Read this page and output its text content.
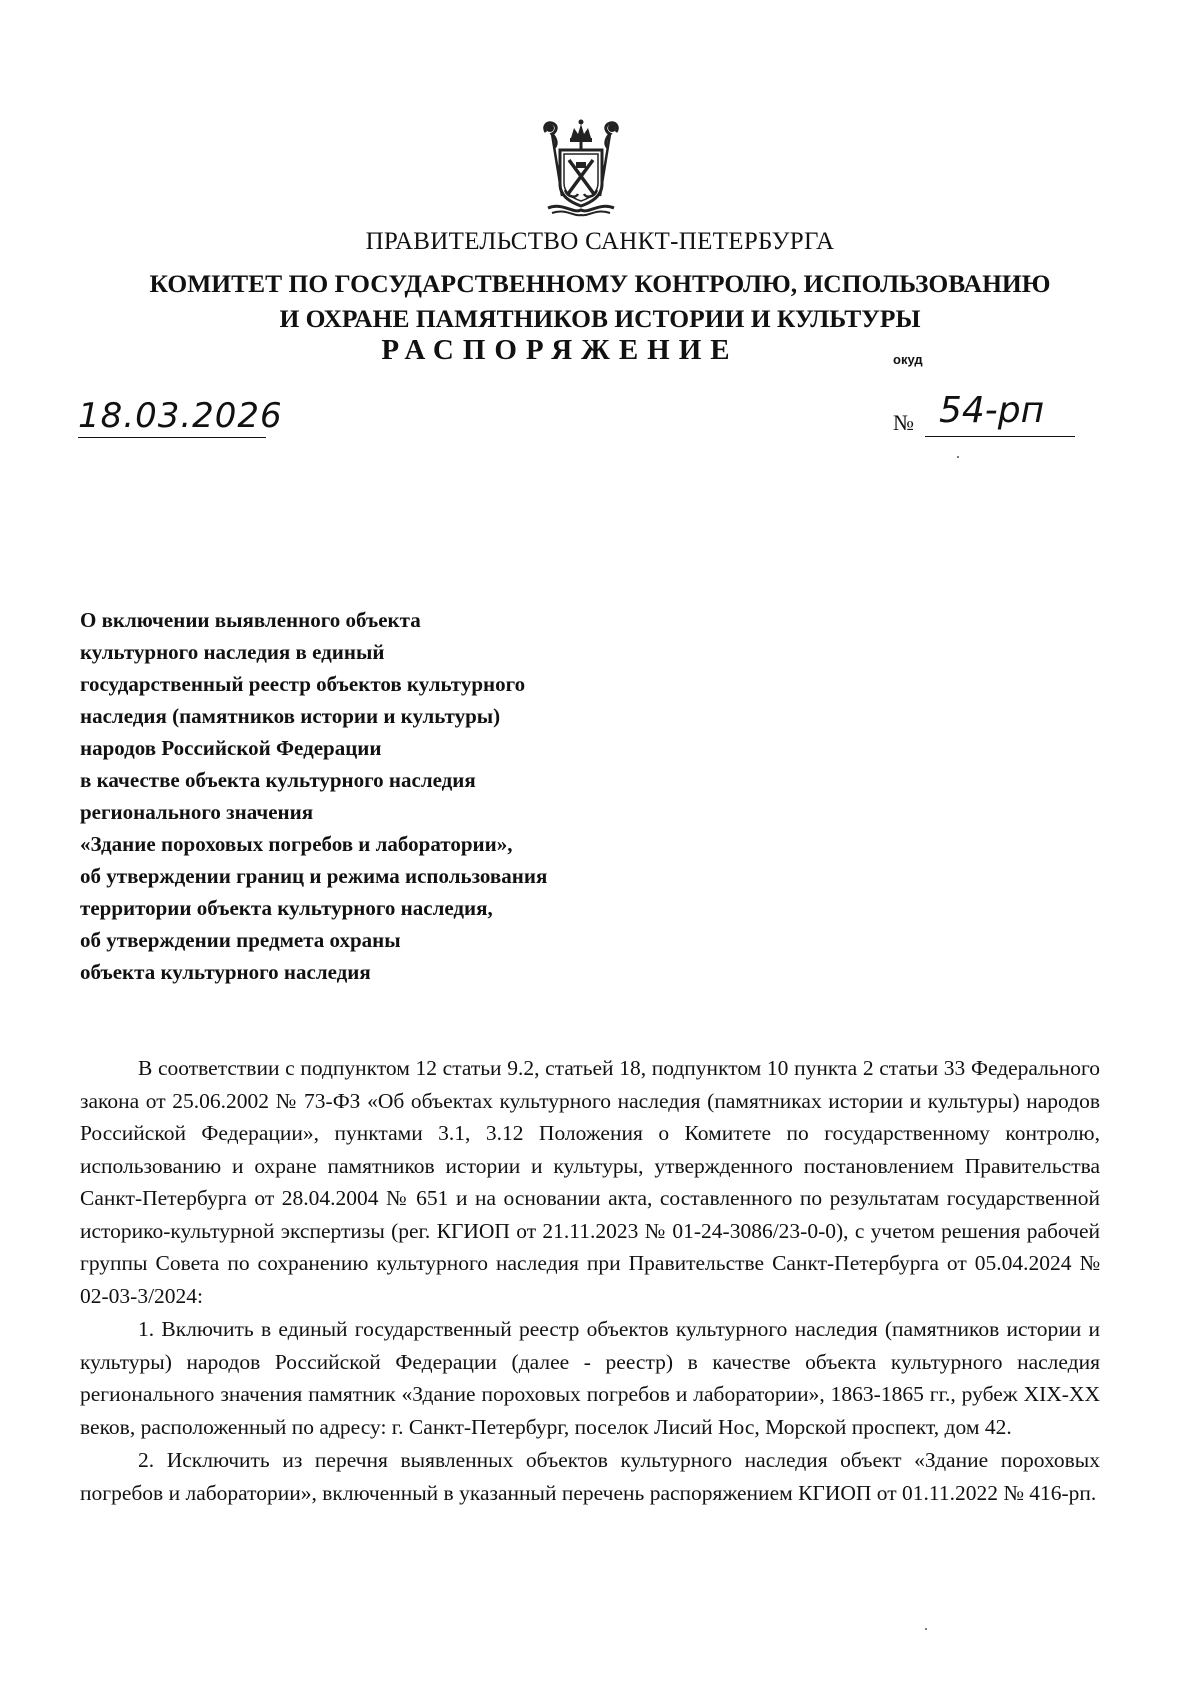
ПРАВИТЕЛЬСТВО САНКТ-ПЕТЕРБУРГА
КОМИТЕТ ПО ГОСУДАРСТВЕННОМУ КОНТРОЛЮ, ИСПОЛЬЗОВАНИЮ
И ОХРАНЕ ПАМЯТНИКОВ ИСТОРИИ И КУЛЬТУРЫ
РАСПОРЯЖЕНИЕ	окуд
18.03.2026	№ 54-рп
О включении выявленного объекта
культурного наследия в единый
государственный реестр объектов культурного
наследия (памятников истории и культуры)
народов Российской Федерации
в качестве объекта культурного наследия
регионального значения
«Здание пороховых погребов и лаборатории»,
об утверждении границ и режима использования
территории объекта культурного наследия,
об утверждении предмета охраны
объекта культурного наследия

В соответствии с подпунктом 12 статьи 9.2, статьей 18, подпунктом 10 пункта 2 статьи 33 Федерального закона от 25.06.2002 № 73-ФЗ «Об объектах культурного наследия (памятниках истории и культуры) народов Российской Федерации», пунктами 3.1, 3.12 Положения о Комитете по государственному контролю, использованию и охране памятников истории и культуры, утвержденного постановлением Правительства Санкт-Петербурга от 28.04.2004 № 651 и на основании акта, составленного по результатам государственной историко-культурной экспертизы (рег. КГИОП от 21.11.2023 № 01-24-3086/23-0-0), с учетом решения рабочей группы Совета по сохранению культурного наследия при Правительстве Санкт-Петербурга от 05.04.2024 № 02-03-3/2024:

1. Включить в единый государственный реестр объектов культурного наследия (памятников истории и культуры) народов Российской Федерации (далее - реестр) в качестве объекта культурного наследия регионального значения памятник «Здание пороховых погребов и лаборатории», 1863-1865 гг., рубеж XIX-XX веков, расположенный по адресу: г. Санкт-Петербург, поселок Лисий Нос, Морской проспект, дом 42.

2. Исключить из перечня выявленных объектов культурного наследия объект «Здание пороховых погребов и лаборатории», включенный в указанный перечень распоряжением КГИОП от 01.11.2022 № 416-рп.
